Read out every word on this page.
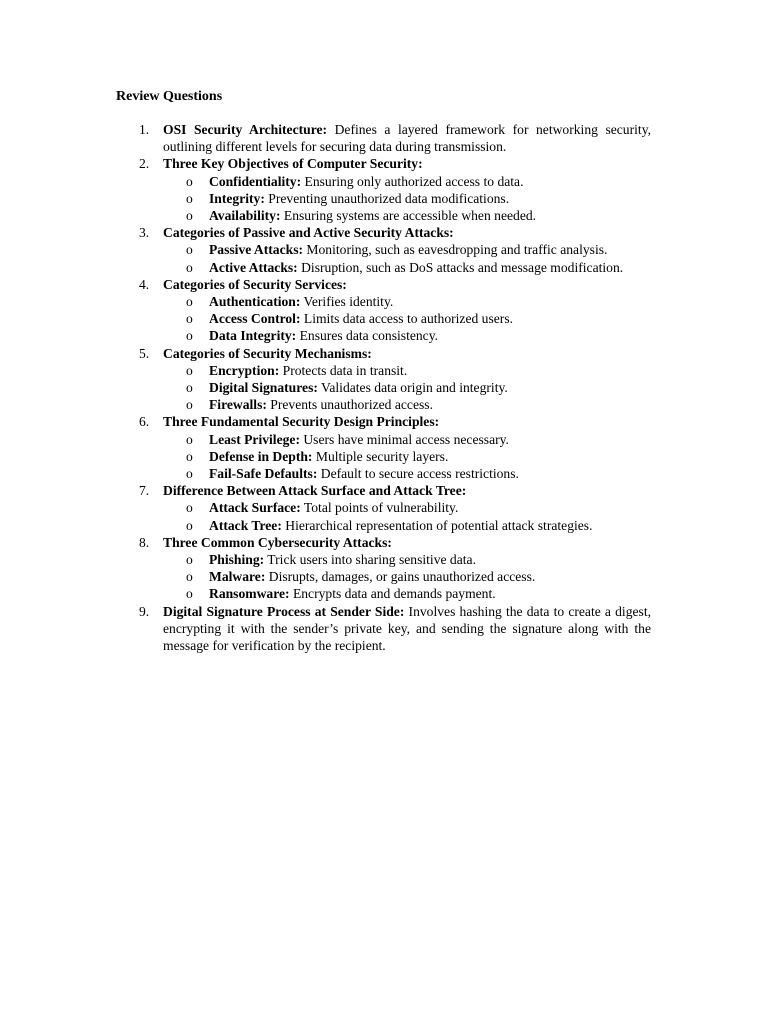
Review Questions
1.	OSI Security Architecture: Defines a layered framework for networking security, outlining different levels for securing data during transmission.
2.	Three Key Objectives of Computer Security:
o Confidentiality: Ensuring only authorized access to data.
o Integrity: Preventing unauthorized data modifications.
o Availability: Ensuring systems are accessible when needed.
3.	Categories of Passive and Active Security Attacks:
o Passive Attacks: Monitoring, such as eavesdropping and traffic analysis.
o Active Attacks: Disruption, such as DoS attacks and message modification.
4.	Categories of Security Services:
o Authentication: Verifies identity.
o Access Control: Limits data access to authorized users.
o Data Integrity: Ensures data consistency.
5.	Categories of Security Mechanisms:
o Encryption: Protects data in transit.
o Digital Signatures: Validates data origin and integrity.
o Firewalls: Prevents unauthorized access.
6.	Three Fundamental Security Design Principles:
o Least Privilege: Users have minimal access necessary.
o Defense in Depth: Multiple security layers.
o Fail-Safe Defaults: Default to secure access restrictions.
7.	Difference Between Attack Surface and Attack Tree:
o Attack Surface: Total points of vulnerability.
o Attack Tree: Hierarchical representation of potential attack strategies.
8.	Three Common Cybersecurity Attacks:
o Phishing: Trick users into sharing sensitive data.
o Malware: Disrupts, damages, or gains unauthorized access.
o Ransomware: Encrypts data and demands payment.
9.	Digital Signature Process at Sender Side: Involves hashing the data to create a digest, encrypting it with the sender’s private key, and sending the signature along with the message for verification by the recipient.
